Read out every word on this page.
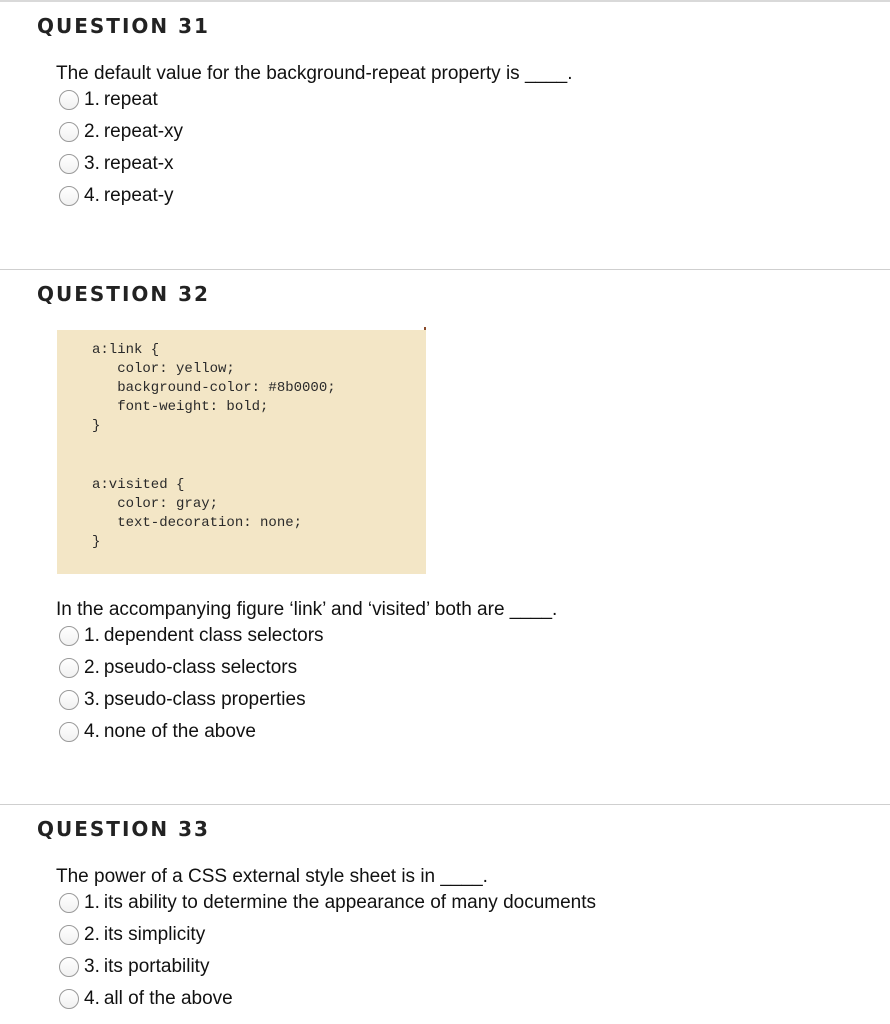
QUESTION 31
The default value for the background-repeat property is ____.
1. repeat
2. repeat-xy
3. repeat-x
4. repeat-y
QUESTION 32
a:link {
color: yellow;
background-color: #8b0000;
font-weight: bold;
}
a:visited {
color: gray;
text-decoration: none;
}
In the accompanying figure ‘link’ and ‘visited’ both are ____.
1. dependent class selectors
2. pseudo-class selectors
3. pseudo-class properties
4. none of the above
QUESTION 33
The power of a CSS external style sheet is in ____.
1. its ability to determine the appearance of many documents
2. its simplicity
3. its portability
4. all of the above
